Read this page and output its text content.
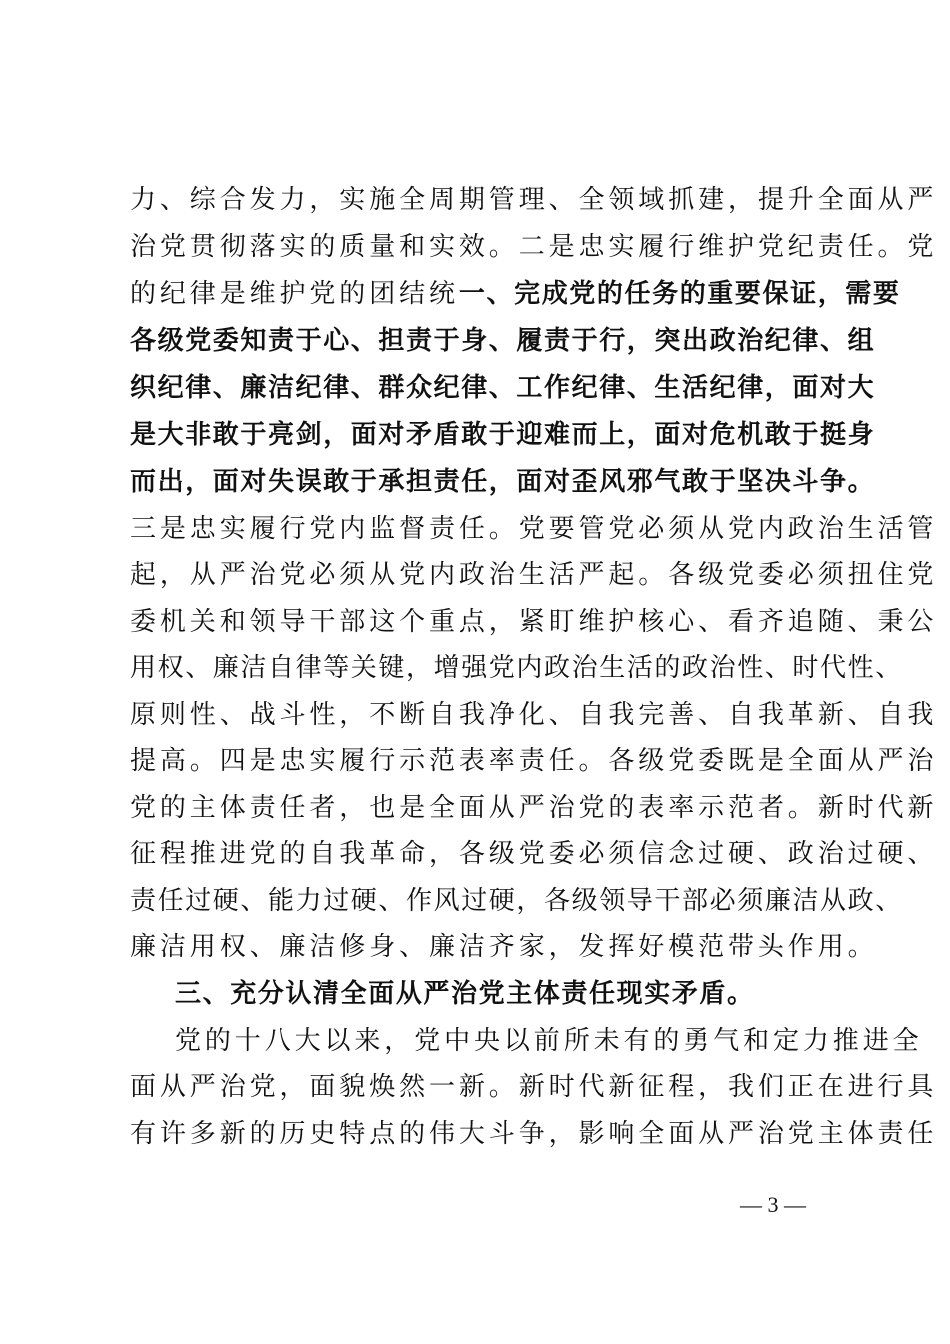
力、综合发力，实施全周期管理、全领域抓建，提升全面从严
治党贯彻落实的质量和实效。二是忠实履行维护党纪责任。党
的纪律是维护党的团结统一、完成党的任务的重要保证，需要
各级党委知责于心、担责于身、履责于行，突出政治纪律、组
织纪律、廉洁纪律、群众纪律、工作纪律、生活纪律，面对大
是大非敢于亮剑，面对矛盾敢于迎难而上，面对危机敢于挺身
而出，面对失误敢于承担责任，面对歪风邪气敢于坚决斗争。
三是忠实履行党内监督责任。党要管党必须从党内政治生活管
起，从严治党必须从党内政治生活严起。各级党委必须扭住党
委机关和领导干部这个重点，紧盯维护核心、看齐追随、秉公
用权、廉洁自律等关键，增强党内政治生活的政治性、时代性、
原则性、战斗性，不断自我净化、自我完善、自我革新、自我
提高。四是忠实履行示范表率责任。各级党委既是全面从严治
党的主体责任者，也是全面从严治党的表率示范者。新时代新
征程推进党的自我革命，各级党委必须信念过硬、政治过硬、
责任过硬、能力过硬、作风过硬，各级领导干部必须廉洁从政、
廉洁用权、廉洁修身、廉洁齐家，发挥好模范带头作用。
三、充分认清全面从严治党主体责任现实矛盾。
党的十八大以来，党中央以前所未有的勇气和定力推进全
面从严治党，面貌焕然一新。新时代新征程，我们正在进行具
有许多新的历史特点的伟大斗争，影响全面从严治党主体责任
— 3 —
